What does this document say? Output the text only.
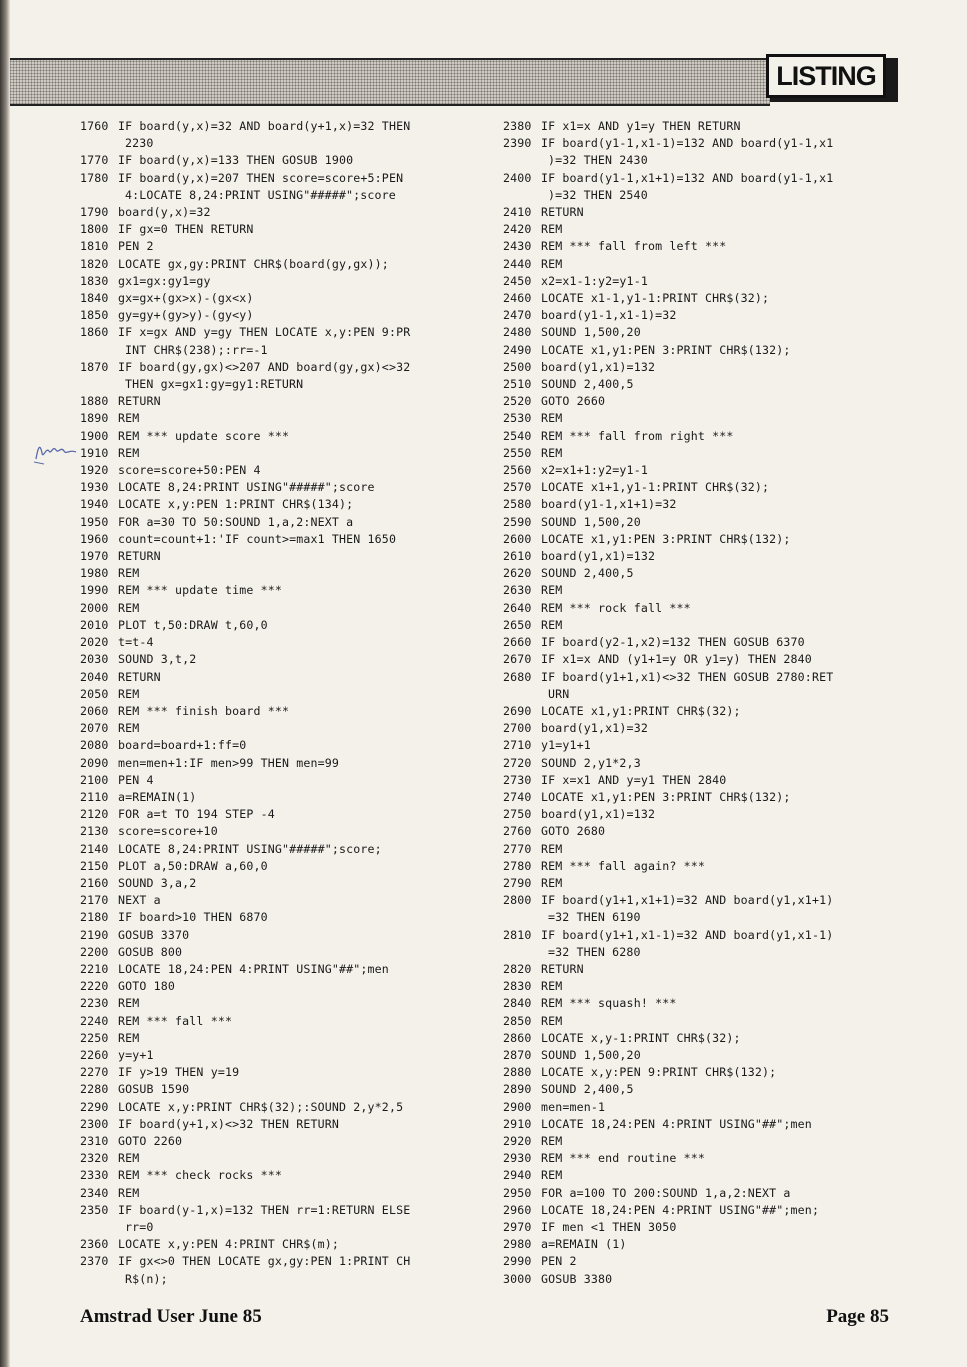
LISTING
1760 IF board(y,x)=32 AND board(y+1,x)=32 THEN
2230
1770 IF board(y,x)=133 THEN GOSUB 1900
1780 IF board(y,x)=207 THEN score=score+5:PEN
4:LOCATE 8,24:PRINT USING"#####";score
1790 board(y,x)=32
1800 IF gx=0 THEN RETURN
1810 PEN 2
1820 LOCATE gx,gy:PRINT CHR$(board(gy,gx));
1830 gx1=gx:gy1=gy
1840 gx=gx+(gx>x)-(gx<x)
1850 gy=gy+(gy>y)-(gy<y)
1860 IF x=gx AND y=gy THEN LOCATE x,y:PEN 9:PR
INT CHR$(238);:rr=-1
1870 IF board(gy,gx)<>207 AND board(gy,gx)<>32
THEN gx=gx1:gy=gy1:RETURN
1880 RETURN
1890 REM
1900 REM *** update score ***
1910 REM
1920 score=score+50:PEN 4
1930 LOCATE 8,24:PRINT USING"#####";score
1940 LOCATE x,y:PEN 1:PRINT CHR$(134);
1950 FOR a=30 TO 50:SOUND 1,a,2:NEXT a
1960 count=count+1:'IF count>=max1 THEN 1650
1970 RETURN
1980 REM
1990 REM *** update time ***
2000 REM
2010 PLOT t,50:DRAW t,60,0
2020 t=t-4
2030 SOUND 3,t,2
2040 RETURN
2050 REM
2060 REM *** finish board ***
2070 REM
2080 board=board+1:ff=0
2090 men=men+1:IF men>99 THEN men=99
2100 PEN 4
2110 a=REMAIN(1)
2120 FOR a=t TO 194 STEP -4
2130 score=score+10
2140 LOCATE 8,24:PRINT USING"#####";score;
2150 PLOT a,50:DRAW a,60,0
2160 SOUND 3,a,2
2170 NEXT a
2180 IF board>10 THEN 6870
2190 GOSUB 3370
2200 GOSUB 800
2210 LOCATE 18,24:PEN 4:PRINT USING"##";men
2220 GOTO 180
2230 REM
2240 REM *** fall ***
2250 REM
2260 y=y+1
2270 IF y>19 THEN y=19
2280 GOSUB 1590
2290 LOCATE x,y:PRINT CHR$(32);:SOUND 2,y*2,5
2300 IF board(y+1,x)<>32 THEN RETURN
2310 GOTO 2260
2320 REM
2330 REM *** check rocks ***
2340 REM
2350 IF board(y-1,x)=132 THEN rr=1:RETURN ELSE
rr=0
2360 LOCATE x,y:PEN 4:PRINT CHR$(m);
2370 IF gx<>0 THEN LOCATE gx,gy:PEN 1:PRINT CH
R$(n);
2380 IF x1=x AND y1=y THEN RETURN
2390 IF board(y1-1,x1-1)=132 AND board(y1-1,x1
)=32 THEN 2430
2400 IF board(y1-1,x1+1)=132 AND board(y1-1,x1
)=32 THEN 2540
2410 RETURN
2420 REM
2430 REM *** fall from left ***
2440 REM
2450 x2=x1-1:y2=y1-1
2460 LOCATE x1-1,y1-1:PRINT CHR$(32);
2470 board(y1-1,x1-1)=32
2480 SOUND 1,500,20
2490 LOCATE x1,y1:PEN 3:PRINT CHR$(132);
2500 board(y1,x1)=132
2510 SOUND 2,400,5
2520 GOTO 2660
2530 REM
2540 REM *** fall from right ***
2550 REM
2560 x2=x1+1:y2=y1-1
2570 LOCATE x1+1,y1-1:PRINT CHR$(32);
2580 board(y1-1,x1+1)=32
2590 SOUND 1,500,20
2600 LOCATE x1,y1:PEN 3:PRINT CHR$(132);
2610 board(y1,x1)=132
2620 SOUND 2,400,5
2630 REM
2640 REM *** rock fall ***
2650 REM
2660 IF board(y2-1,x2)=132 THEN GOSUB 6370
2670 IF x1=x AND (y1+1=y OR y1=y) THEN 2840
2680 IF board(y1+1,x1)<>32 THEN GOSUB 2780:RET
URN
2690 LOCATE x1,y1:PRINT CHR$(32);
2700 board(y1,x1)=32
2710 y1=y1+1
2720 SOUND 2,y1*2,3
2730 IF x=x1 AND y=y1 THEN 2840
2740 LOCATE x1,y1:PEN 3:PRINT CHR$(132);
2750 board(y1,x1)=132
2760 GOTO 2680
2770 REM
2780 REM *** fall again? ***
2790 REM
2800 IF board(y1+1,x1+1)=32 AND board(y1,x1+1)
=32 THEN 6190
2810 IF board(y1+1,x1-1)=32 AND board(y1,x1-1)
=32 THEN 6280
2820 RETURN
2830 REM
2840 REM *** squash! ***
2850 REM
2860 LOCATE x,y-1:PRINT CHR$(32);
2870 SOUND 1,500,20
2880 LOCATE x,y:PEN 9:PRINT CHR$(132);
2890 SOUND 2,400,5
2900 men=men-1
2910 LOCATE 18,24:PEN 4:PRINT USING"##";men
2920 REM
2930 REM *** end routine ***
2940 REM
2950 FOR a=100 TO 200:SOUND 1,a,2:NEXT a
2960 LOCATE 18,24:PEN 4:PRINT USING"##";men;
2970 IF men <1 THEN 3050
2980 a=REMAIN (1)
2990 PEN 2
3000 GOSUB 3380
Amstrad User June 85	Page 85
